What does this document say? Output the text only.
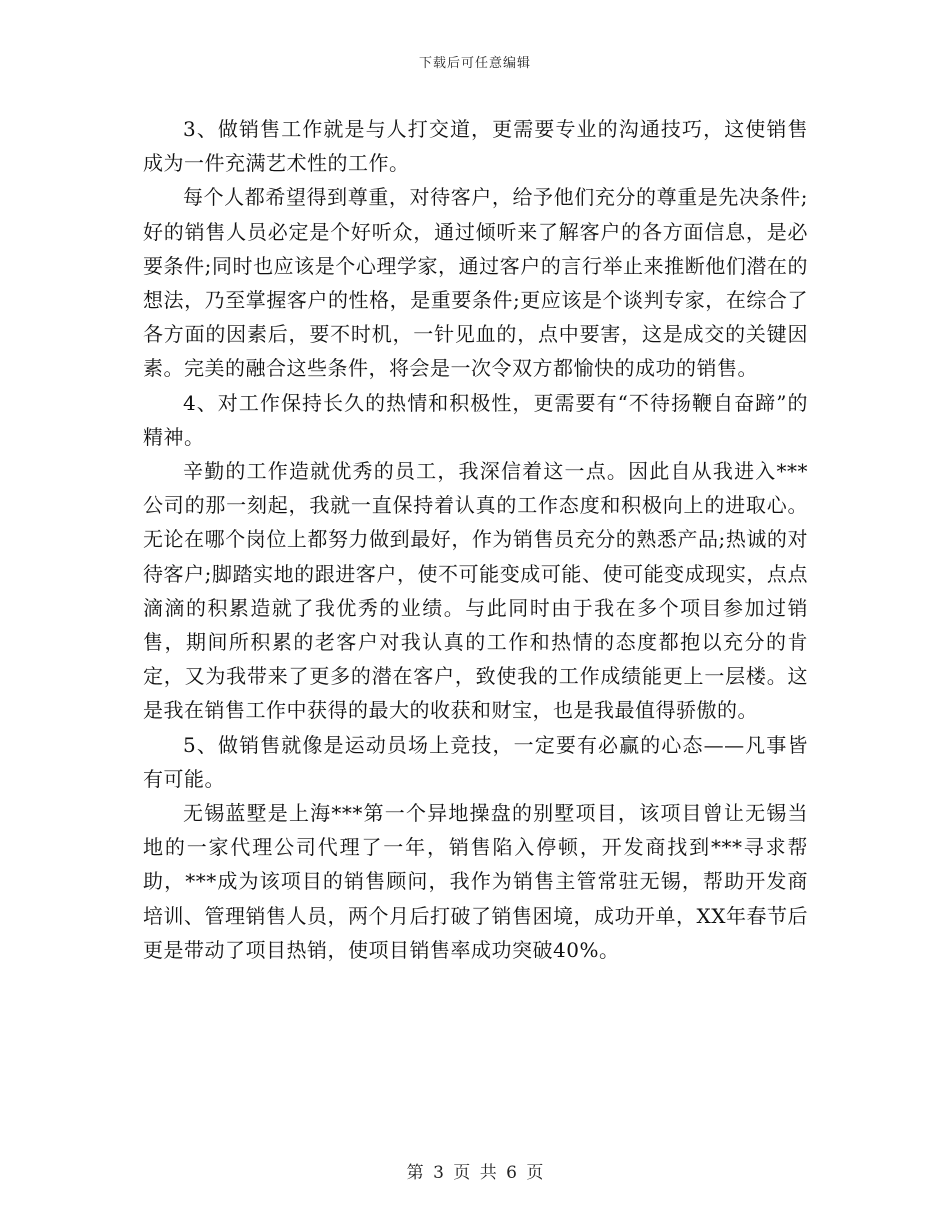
下载后可任意编辑

3、做销售工作就是与人打交道，更需要专业的沟通技巧，这使销售成为一件充满艺术性的工作。

每个人都希望得到尊重，对待客户，给予他们充分的尊重是先决条件;好的销售人员必定是个好听众，通过倾听来了解客户的各方面信息，是必要条件;同时也应该是个心理学家，通过客户的言行举止来推断他们潜在的想法，乃至掌握客户的性格，是重要条件;更应该是个谈判专家，在综合了各方面的因素后，要不时机，一针见血的，点中要害，这是成交的关键因素。完美的融合这些条件，将会是一次令双方都愉快的成功的销售。

4、对工作保持长久的热情和积极性，更需要有“不待扬鞭自奋蹄”的精神。

辛勤的工作造就优秀的员工，我深信着这一点。因此自从我进入***公司的那一刻起，我就一直保持着认真的工作态度和积极向上的进取心。无论在哪个岗位上都努力做到最好，作为销售员充分的熟悉产品;热诚的对待客户;脚踏实地的跟进客户，使不可能变成可能、使可能变成现实，点点滴滴的积累造就了我优秀的业绩。与此同时由于我在多个项目参加过销售，期间所积累的老客户对我认真的工作和热情的态度都抱以充分的肯定，又为我带来了更多的潜在客户，致使我的工作成绩能更上一层楼。这是我在销售工作中获得的最大的收获和财宝，也是我最值得骄傲的。

5、做销售就像是运动员场上竞技，一定要有必赢的心态——凡事皆有可能。

无锡蓝墅是上海***第一个异地操盘的别墅项目，该项目曾让无锡当地的一家代理公司代理了一年，销售陷入停顿，开发商找到***寻求帮助，***成为该项目的销售顾问，我作为销售主管常驻无锡，帮助开发商培训、管理销售人员，两个月后打破了销售困境，成功开单，XX年春节后更是带动了项目热销，使项目销售率成功突破40%。

第 3 页 共 6 页
